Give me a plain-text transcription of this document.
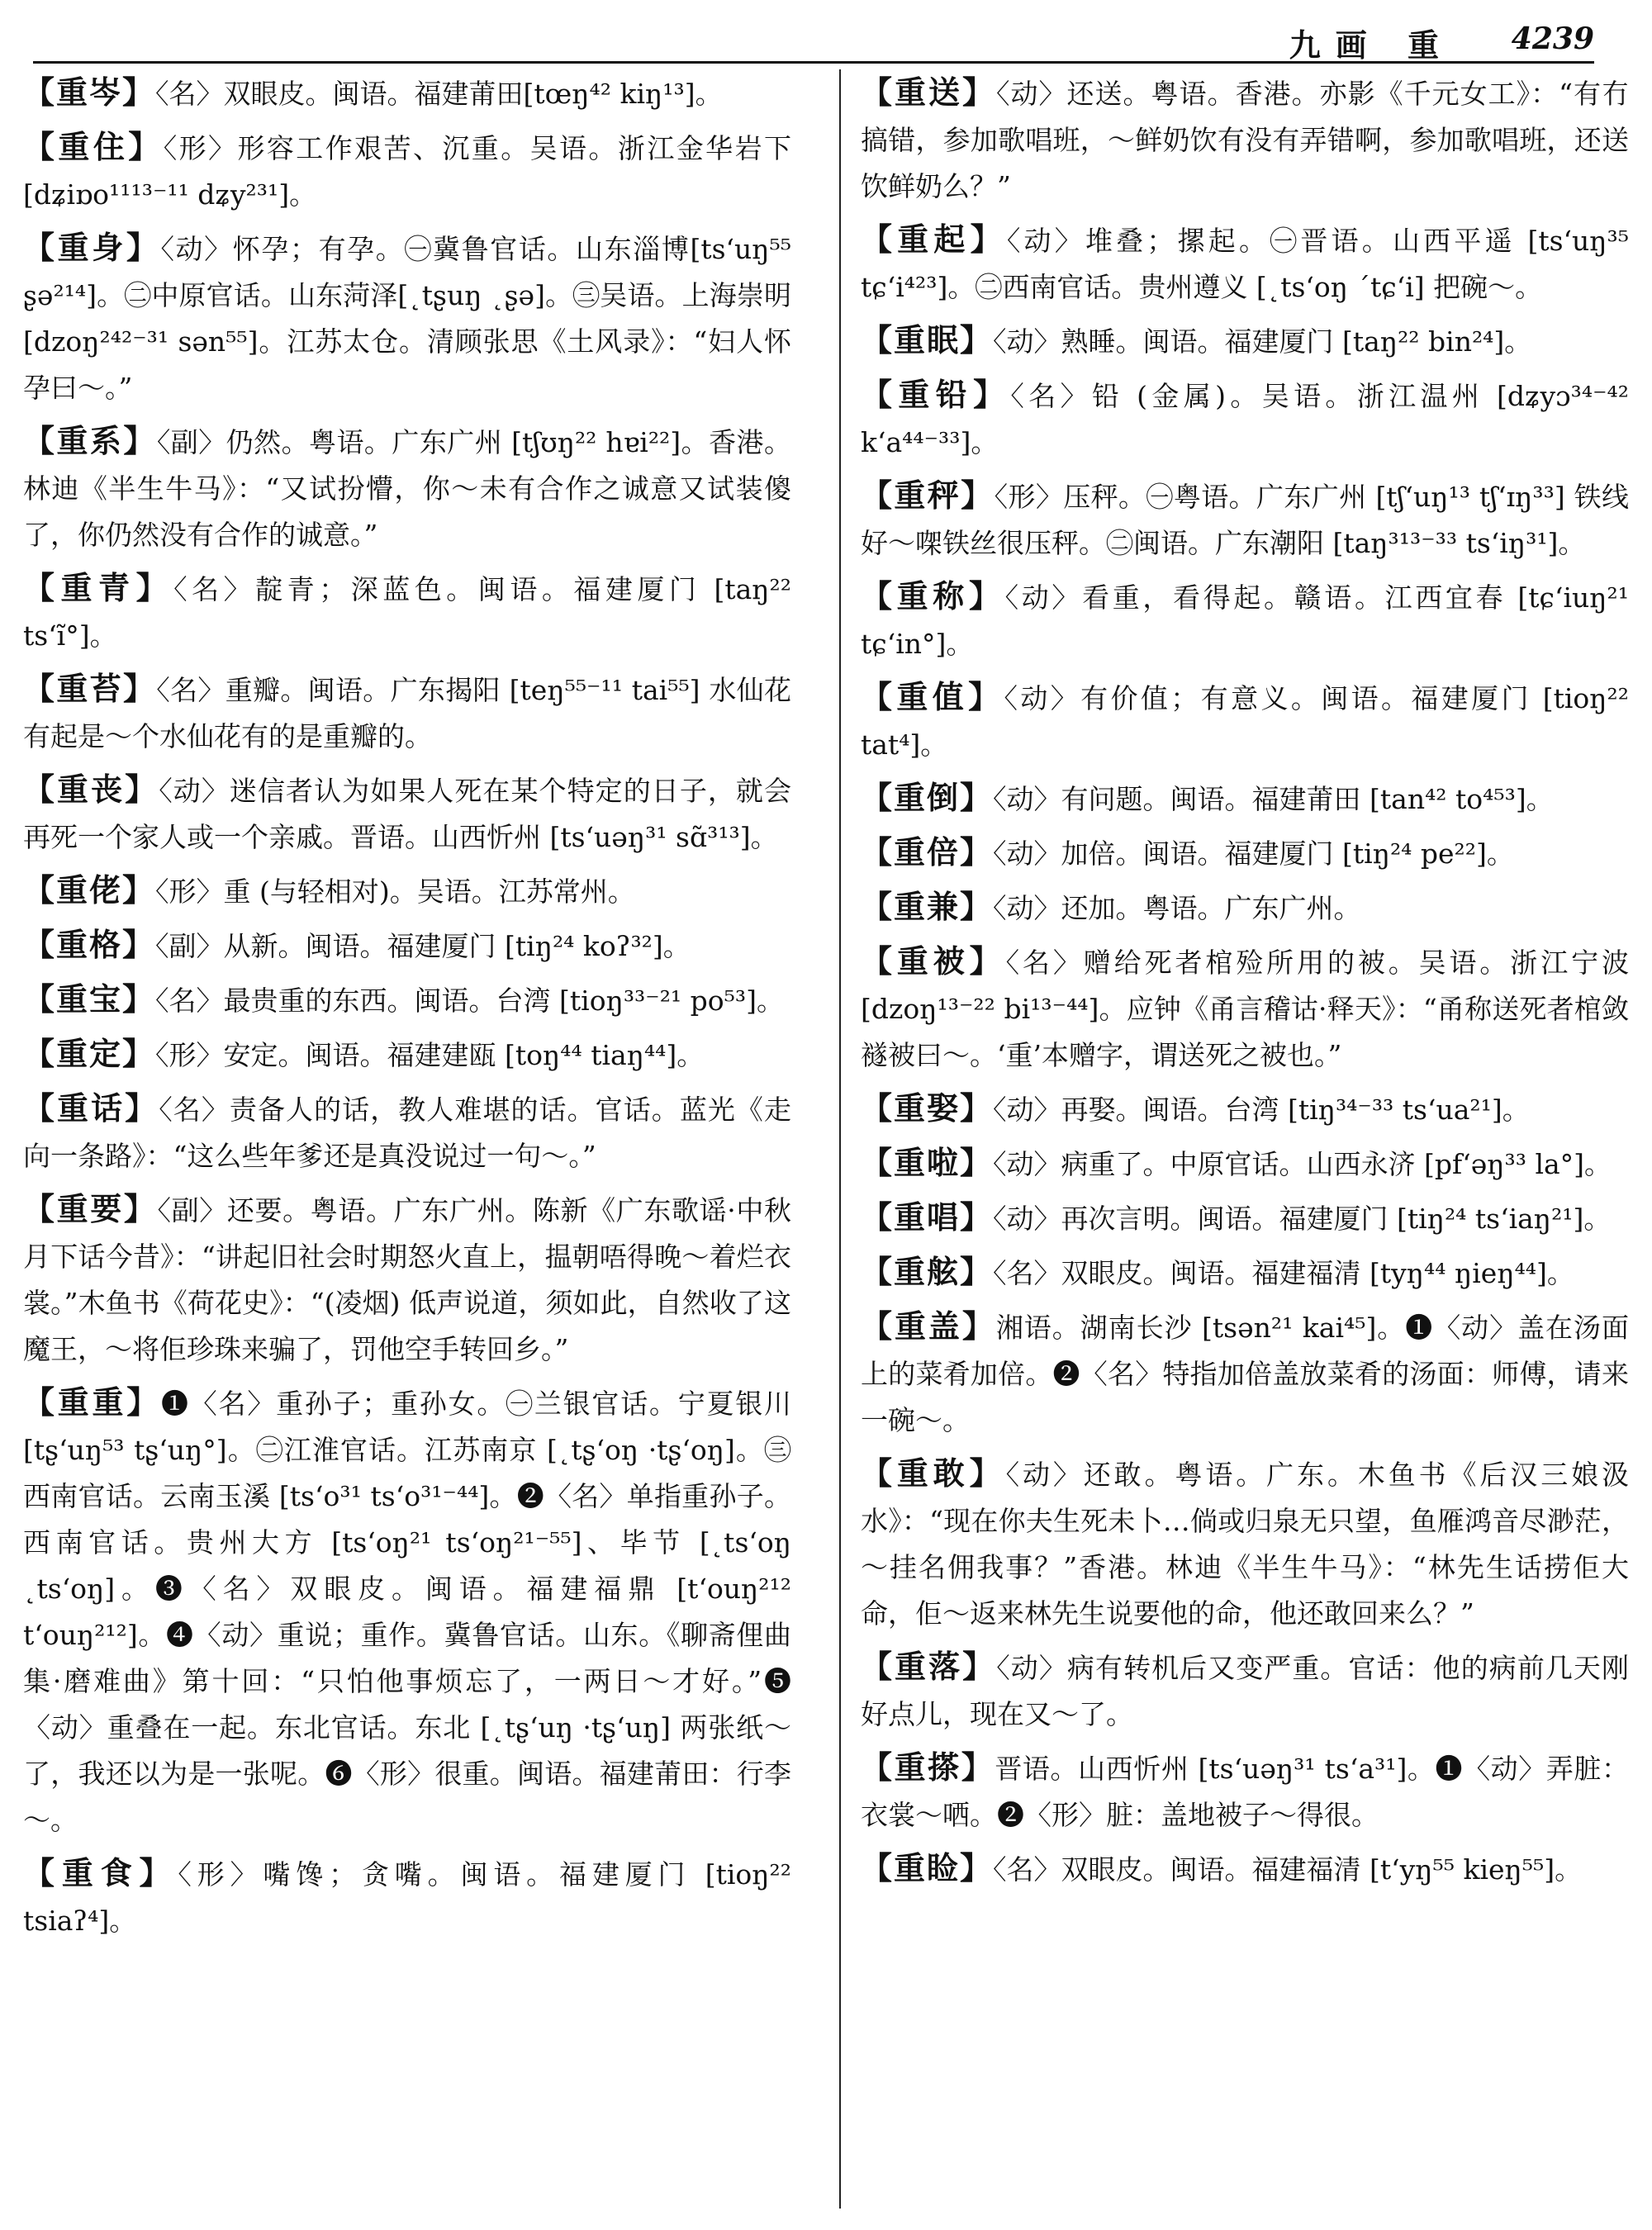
九画 重 4239

【重岑】〈名〉双眼皮。闽语。福建莆田[tœŋ⁴² kiŋ¹³]。

【重住】〈形〉形容工作艰苦、沉重。吴语。浙江金华岩下 [dʑiɒo¹¹¹³⁻¹¹ dʑy²³¹]。

【重身】〈动〉怀孕；有孕。㊀冀鲁官话。山东淄博[tsʻuŋ⁵⁵ ʂə²¹⁴]。㊁中原官话。山东菏泽[˛tʂuŋ ˛ʂə]。㊂吴语。上海崇明 [dzoŋ²⁴²⁻³¹ sən⁵⁵]。江苏太仓。清顾张思《土风录》：“妇人怀孕曰～。”

【重系】〈副〉仍然。粤语。广东广州 [tʃʊŋ²² hɐi²²]。香港。林迪《半生牛马》：“又试扮懵，你～未有合作之诚意又试装傻了，你仍然没有合作的诚意。”

【重青】〈名〉靛青；深蓝色。闽语。福建厦门 [taŋ²² tsʻĩ°]。

【重苔】〈名〉重瓣。闽语。广东揭阳 [teŋ⁵⁵⁻¹¹ tai⁵⁵] 水仙花有起是～个水仙花有的是重瓣的。

【重丧】〈动〉迷信者认为如果人死在某个特定的日子，就会再死一个家人或一个亲戚。晋语。山西忻州 [tsʻuəŋ³¹ sɑ̃³¹³]。

【重佬】〈形〉重 (与轻相对)。吴语。江苏常州。

【重格】〈副〉从新。闽语。福建厦门 [tiŋ²⁴ koʔ³²]。

【重宝】〈名〉最贵重的东西。闽语。台湾 [tioŋ³³⁻²¹ po⁵³]。

【重定】〈形〉安定。闽语。福建建瓯 [toŋ⁴⁴ tiaŋ⁴⁴]。

【重话】〈名〉责备人的话，教人难堪的话。官话。蓝光《走向一条路》：“这么些年爹还是真没说过一句～。”

【重要】〈副〉还要。粤语。广东广州。陈新《广东歌谣·中秋月下话今昔》：“讲起旧社会时期怒火直上，揾朝唔得晚～着烂衣裳。”木鱼书《荷花史》：“(凌烟) 低声说道，须如此，自然收了这魔王，～将佢珍珠来骗了，罚他空手转回乡。”

【重重】❶〈名〉重孙子；重孙女。㊀兰银官话。宁夏银川 [tʂʻuŋ⁵³ tʂʻuŋ°]。㊁江淮官话。江苏南京 [˛tʂʻoŋ ·tʂʻoŋ]。㊂西南官话。云南玉溪 [tsʻo³¹ tsʻo³¹⁻⁴⁴]。❷〈名〉单指重孙子。西南官话。贵州大方 [tsʻoŋ²¹ tsʻoŋ²¹⁻⁵⁵]、毕节 [˛tsʻoŋ ˛tsʻoŋ]。❸〈名〉双眼皮。闽语。福建福鼎 [tʻouŋ²¹² tʻouŋ²¹²]。❹〈动〉重说；重作。冀鲁官话。山东。《聊斋俚曲集·磨难曲》第十回：“只怕他事烦忘了，一两日～才好。”❺〈动〉重叠在一起。东北官话。东北 [˛tʂʻuŋ ·tʂʻuŋ] 两张纸～了，我还以为是一张呢。❻〈形〉很重。闽语。福建莆田：行李～。

【重食】〈形〉嘴馋；贪嘴。闽语。福建厦门 [tioŋ²² tsiaʔ⁴]。

【重送】〈动〉还送。粤语。香港。亦影《千元女工》：“有冇搞错，参加歌唱班，～鲜奶饮有没有弄错啊，参加歌唱班，还送饮鲜奶么？”

【重起】〈动〉堆叠；摞起。㊀晋语。山西平遥 [tsʻuŋ³⁵ tɕʻi⁴²³]。㊁西南官话。贵州遵义 [˛tsʻoŋ ˊtɕʻi] 把碗～。

【重眠】〈动〉熟睡。闽语。福建厦门 [taŋ²² bin²⁴]。

【重铅】〈名〉铅 (金属)。吴语。浙江温州 [dʑyɔ³⁴⁻⁴² kʻa⁴⁴⁻³³]。

【重秤】〈形〉压秤。㊀粤语。广东广州 [tʃʻuŋ¹³ tʃʻɪŋ³³] 铁线好～㗎铁丝很压秤。㊁闽语。广东潮阳 [taŋ³¹³⁻³³ tsʻiŋ³¹]。

【重称】〈动〉看重，看得起。赣语。江西宜春 [tɕʻiuŋ²¹ tɕʻin°]。

【重值】〈动〉有价值；有意义。闽语。福建厦门 [tioŋ²² tat⁴]。

【重倒】〈动〉有问题。闽语。福建莆田 [tan⁴² to⁴⁵³]。

【重倍】〈动〉加倍。闽语。福建厦门 [tiŋ²⁴ pe²²]。

【重兼】〈动〉还加。粤语。广东广州。

【重被】〈名〉赠给死者棺殓所用的被。吴语。浙江宁波 [dzoŋ¹³⁻²² bi¹³⁻⁴⁴]。应钟《甬言稽诂·释天》：“甬称送死者棺敛襚被曰～。‘重’本赠字，谓送死之被也。”

【重娶】〈动〉再娶。闽语。台湾 [tiŋ³⁴⁻³³ tsʻua²¹]。

【重啦】〈动〉病重了。中原官话。山西永济 [pfʻəŋ³³ la°]。

【重唱】〈动〉再次言明。闽语。福建厦门 [tiŋ²⁴ tsʻiaŋ²¹]。

【重舷】〈名〉双眼皮。闽语。福建福清 [tyŋ⁴⁴ ŋieŋ⁴⁴]。

【重盖】湘语。湖南长沙 [tsən²¹ kai⁴⁵]。❶〈动〉盖在汤面上的菜肴加倍。❷〈名〉特指加倍盖放菜肴的汤面：师傅，请来一碗～。

【重敢】〈动〉还敢。粤语。广东。木鱼书《后汉三娘汲水》：“现在你夫生死未卜…倘或归泉无只望，鱼雁鸿音尽渺茫，～挂名佣我事？”香港。林迪《半生牛马》：“林先生话捞佢大命，佢～返来林先生说要他的命，他还敢回来么？”

【重落】〈动〉病有转机后又变严重。官话：他的病前几天刚好点儿，现在又～了。

【重搽】晋语。山西忻州 [tsʻuəŋ³¹ tsʻa³¹]。❶〈动〉弄脏：衣裳～哂。❷〈形〉脏：盖地被子～得很。

【重睑】〈名〉双眼皮。闽语。福建福清 [tʻyŋ⁵⁵ kieŋ⁵⁵]。
